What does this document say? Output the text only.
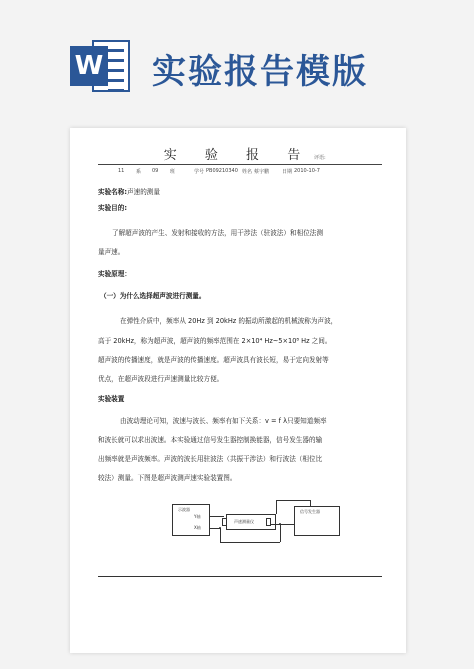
W 实验报告模版
实 验 报 告 评语:
11 系 09 班	学号 PB09210340 姓名 蔡宇鹏	日期 2010-10-7
实验名称:声速的测量
实验目的:
了解超声波的产生、发射和接收的方法，用干涉法（驻波法）和相位法测
量声速。
实验原理：
（一）为什么选择超声波进行测量。
在弹性介质中，频率从 20Hz 到 20kHz 的振动所激起的机械波称为声波，
高于 20kHz，称为超声波，超声波的频率范围在 2×10⁴ Hz~5×10⁸ Hz 之间。
超声波的传播速度，就是声波的传播速度。超声波具有波长短，易于定向发射等
优点，在超声波段进行声速测量比较方便。
实验装置
由波动理论可知，波速与波长、频率有如下关系：v = f λ只要知道频率
和波长就可以求出波速。本实验通过信号发生器控制换能器，信号发生器的输
出频率就是声波频率。声波的波长用驻波法（共振干涉法）和行波法（相位比
较法）测量。下图是超声波测声速实验装置图。
示波器
Y轴
X轴
声速测量仪
信号发生器
